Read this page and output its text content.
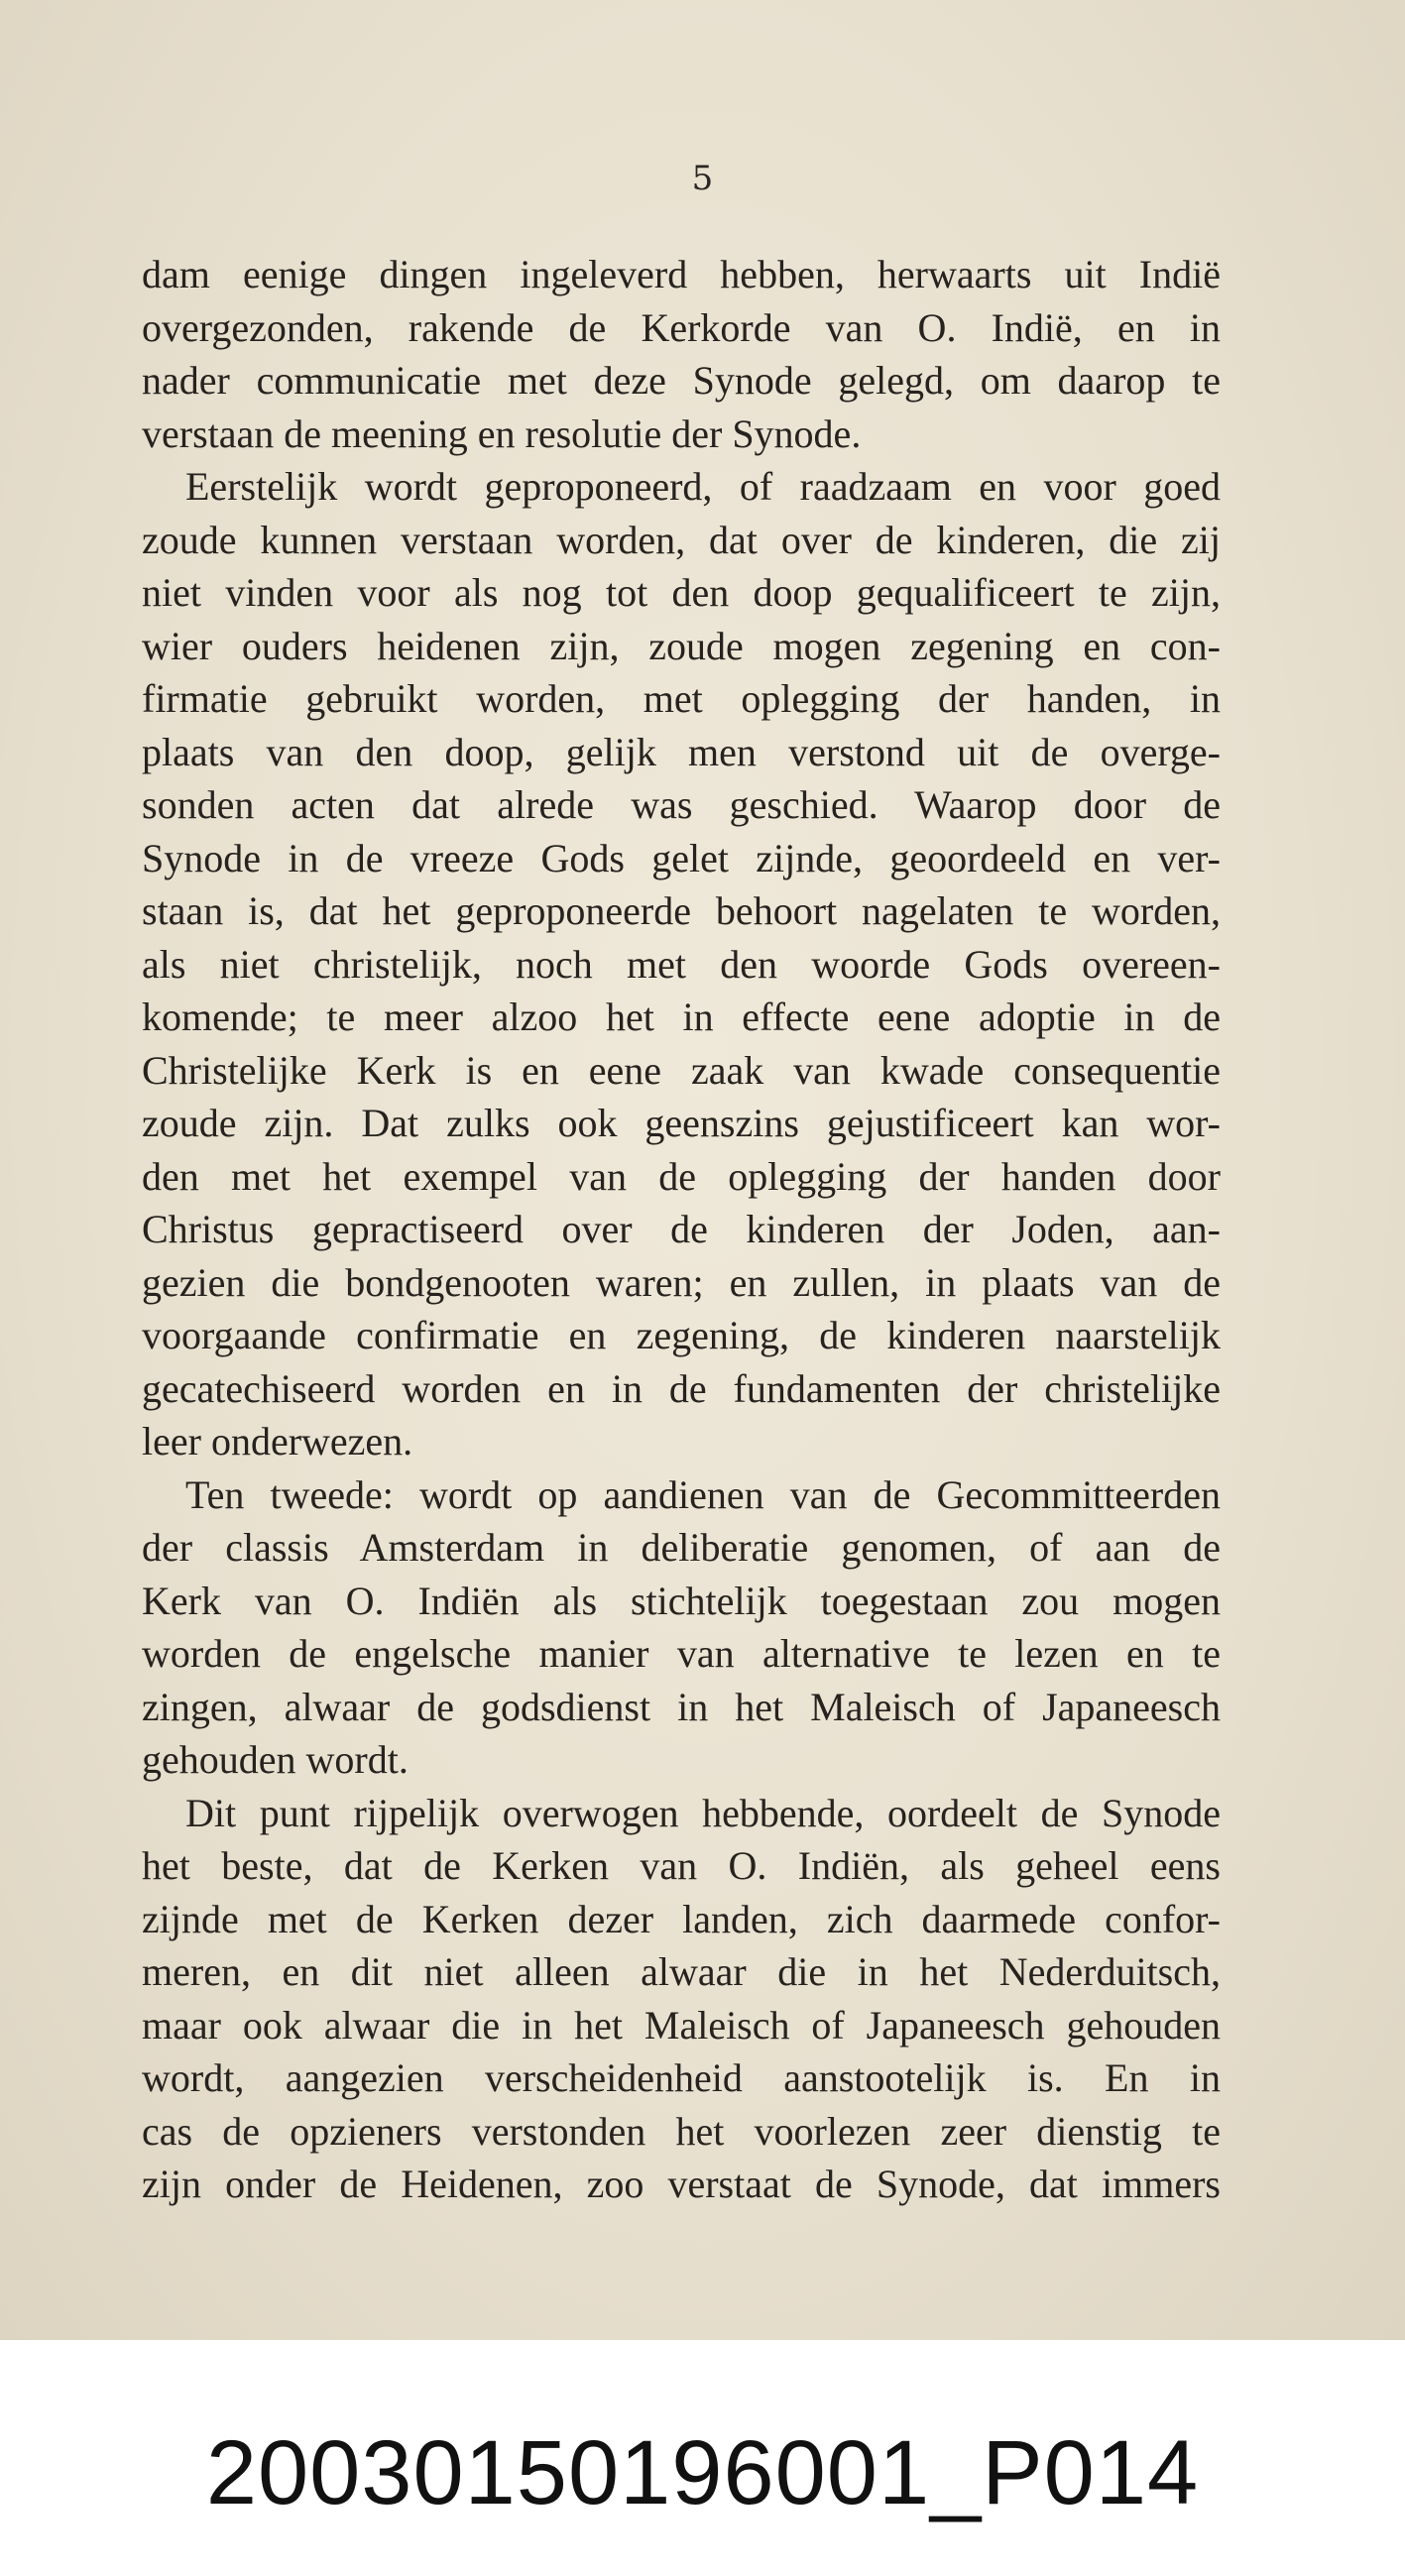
5
dam eenige dingen ingeleverd hebben, herwaarts uit Indië
overgezonden, rakende de Kerkorde van O. Indië, en in
nader communicatie met deze Synode gelegd, om daarop te
verstaan de meening en resolutie der Synode.
Eerstelijk wordt geproponeerd, of raadzaam en voor goed
zoude kunnen verstaan worden, dat over de kinderen, die zij
niet vinden voor als nog tot den doop gequalificeert te zijn,
wier ouders heidenen zijn, zoude mogen zegening en con-
firmatie gebruikt worden, met oplegging der handen, in
plaats van den doop, gelijk men verstond uit de overge-
sonden acten dat alrede was geschied. Waarop door de
Synode in de vreeze Gods gelet zijnde, geoordeeld en ver-
staan is, dat het geproponeerde behoort nagelaten te worden,
als niet christelijk, noch met den woorde Gods overeen-
komende; te meer alzoo het in effecte eene adoptie in de
Christelijke Kerk is en eene zaak van kwade consequentie
zoude zijn. Dat zulks ook geenszins gejustificeert kan wor-
den met het exempel van de oplegging der handen door
Christus gepractiseerd over de kinderen der Joden, aan-
gezien die bondgenooten waren; en zullen, in plaats van de
voorgaande confirmatie en zegening, de kinderen naarstelijk
gecatechiseerd worden en in de fundamenten der christelijke
leer onderwezen.
Ten tweede: wordt op aandienen van de Gecommitteerden
der classis Amsterdam in deliberatie genomen, of aan de
Kerk van O. Indiën als stichtelijk toegestaan zou mogen
worden de engelsche manier van alternative te lezen en te
zingen, alwaar de godsdienst in het Maleisch of Japaneesch
gehouden wordt.
Dit punt rijpelijk overwogen hebbende, oordeelt de Synode
het beste, dat de Kerken van O. Indiën, als geheel eens
zijnde met de Kerken dezer landen, zich daarmede confor-
meren, en dit niet alleen alwaar die in het Nederduitsch,
maar ook alwaar die in het Maleisch of Japaneesch gehouden
wordt, aangezien verscheidenheid aanstootelijk is. En in
cas de opzieners verstonden het voorlezen zeer dienstig te
zijn onder de Heidenen, zoo verstaat de Synode, dat immers
20030150196001_P014
